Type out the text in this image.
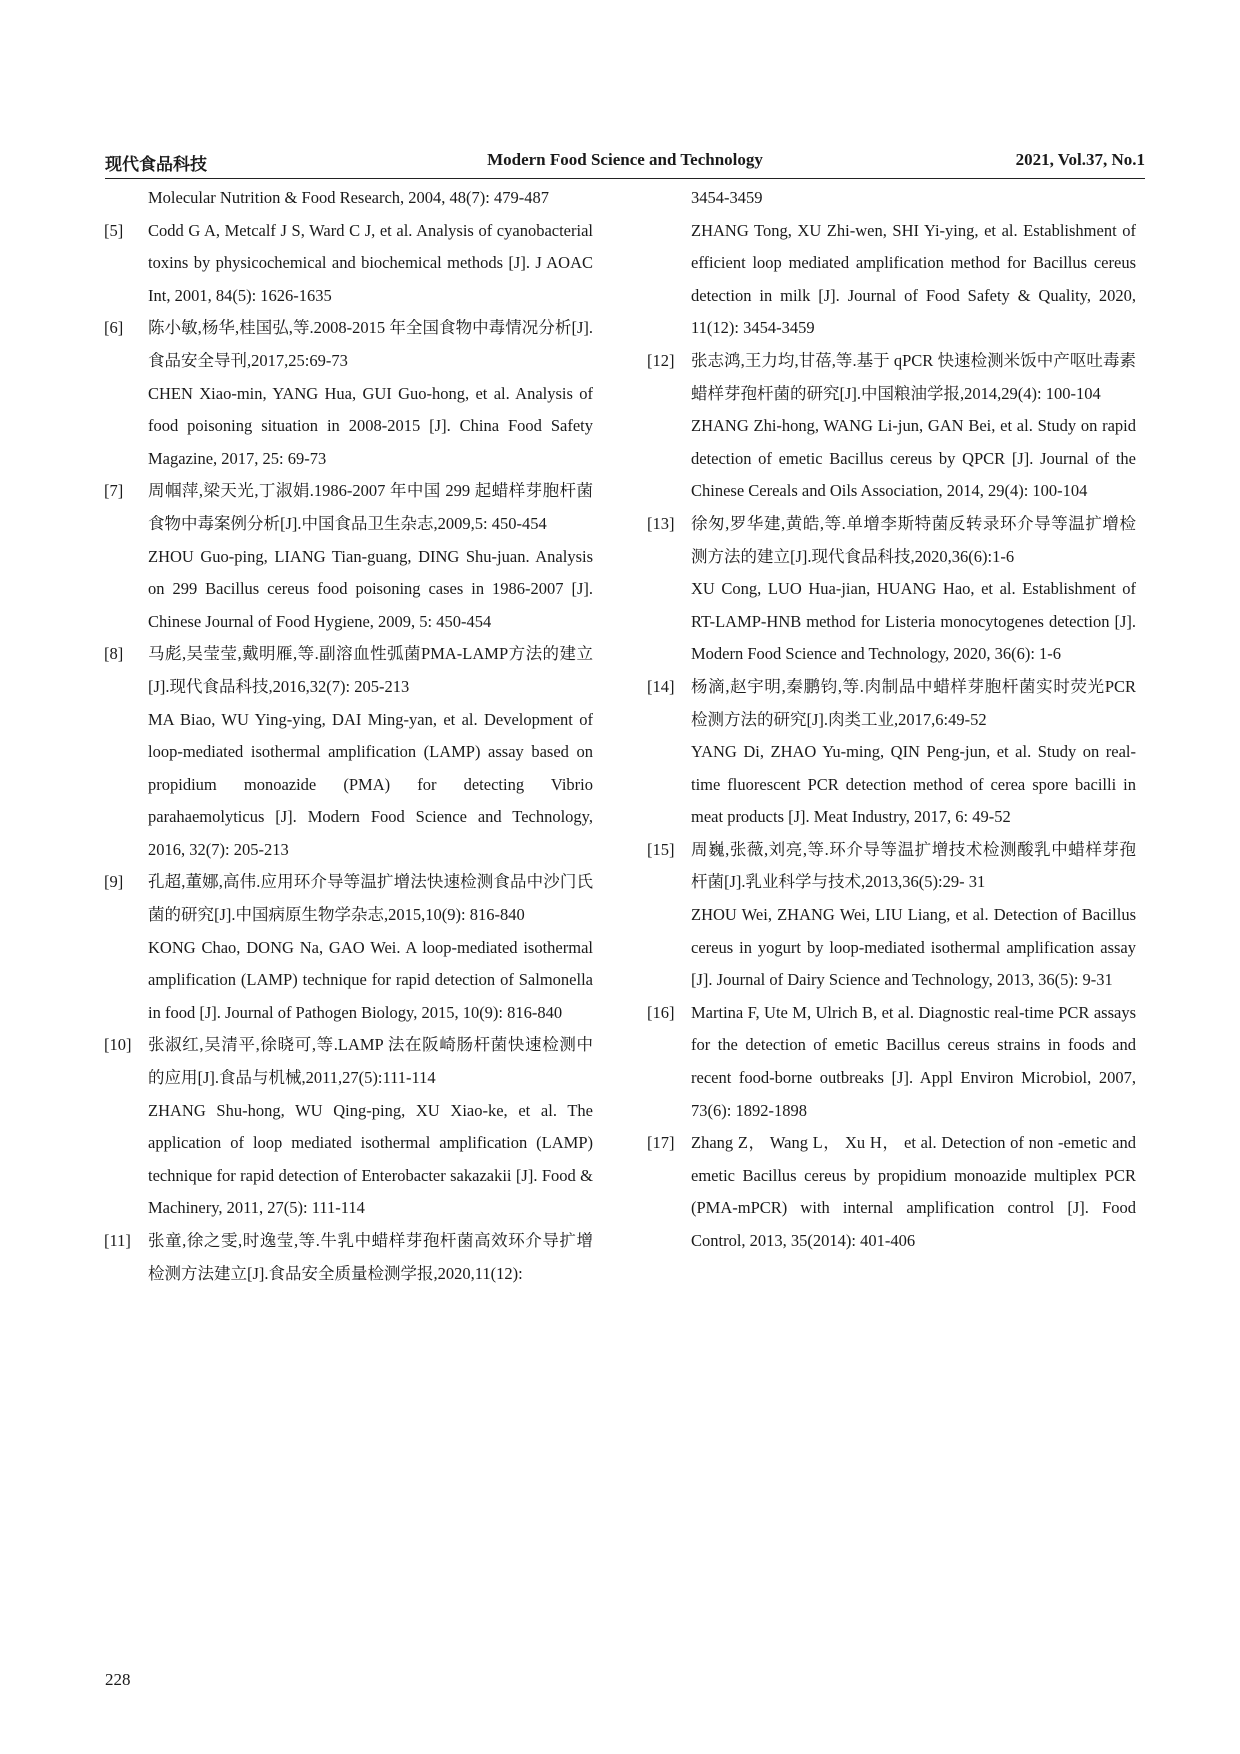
现代食品科技	Modern Food Science and Technology	2021, Vol.37, No.1

Molecular Nutrition & Food Research, 2004, 48(7): 479-487

[5] Codd G A, Metcalf J S, Ward C J, et al. Analysis of cyanobacterial toxins by physicochemical and biochemical methods [J]. J AOAC Int, 2001, 84(5): 1626-1635

[6] 陈小敏,杨华,桂国弘,等.2008-2015 年全国食物中毒情况分析[J].食品安全导刊,2017,25:69-73

CHEN Xiao-min, YANG Hua, GUI Guo-hong, et al. Analysis of food poisoning situation in 2008-2015 [J]. China Food Safety Magazine, 2017, 25: 69-73

[7] 周帼萍,梁天光,丁淑娟.1986-2007 年中国 299 起蜡样芽胞杆菌食物中毒案例分析[J].中国食品卫生杂志,2009,5: 450-454

ZHOU Guo-ping, LIANG Tian-guang, DING Shu-juan. Analysis on 299 Bacillus cereus food poisoning cases in 1986-2007 [J]. Chinese Journal of Food Hygiene, 2009, 5: 450-454

[8] 马彪,吴莹莹,戴明雁,等.副溶血性弧菌PMA-LAMP方法的建立[J].现代食品科技,2016,32(7): 205-213

MA Biao, WU Ying-ying, DAI Ming-yan, et al. Development of loop-mediated isothermal amplification (LAMP) assay based on propidium monoazide (PMA) for detecting Vibrio parahaemolyticus [J]. Modern Food Science and Technology, 2016, 32(7): 205-213

[9] 孔超,董娜,高伟.应用环介导等温扩增法快速检测食品中沙门氏菌的研究[J].中国病原生物学杂志,2015,10(9): 816-840

KONG Chao, DONG Na, GAO Wei. A loop-mediated isothermal amplification (LAMP) technique for rapid detection of Salmonella in food [J]. Journal of Pathogen Biology, 2015, 10(9): 816-840

[10] 张淑红,吴清平,徐晓可,等.LAMP 法在阪崎肠杆菌快速检测中的应用[J].食品与机械,2011,27(5):111-114

ZHANG Shu-hong, WU Qing-ping, XU Xiao-ke, et al. The application of loop mediated isothermal amplification (LAMP) technique for rapid detection of Enterobacter sakazakii [J]. Food & Machinery, 2011, 27(5): 111-114

[11] 张童,徐之雯,时逸莹,等.牛乳中蜡样芽孢杆菌高效环介导扩增检测方法建立[J].食品安全质量检测学报,2020,11(12):

3454-3459

ZHANG Tong, XU Zhi-wen, SHI Yi-ying, et al. Establishment of efficient loop mediated amplification method for Bacillus cereus detection in milk [J]. Journal of Food Safety & Quality, 2020, 11(12): 3454-3459

[12] 张志鸿,王力均,甘蓓,等.基于 qPCR 快速检测米饭中产呕吐毒素蜡样芽孢杆菌的研究[J].中国粮油学报,2014,29(4): 100-104

ZHANG Zhi-hong, WANG Li-jun, GAN Bei, et al. Study on rapid detection of emetic Bacillus cereus by QPCR [J]. Journal of the Chinese Cereals and Oils Association, 2014, 29(4): 100-104

[13] 徐匆,罗华建,黄皓,等.单增李斯特菌反转录环介导等温扩增检测方法的建立[J].现代食品科技,2020,36(6):1-6

XU Cong, LUO Hua-jian, HUANG Hao, et al. Establishment of RT-LAMP-HNB method for Listeria monocytogenes detection [J]. Modern Food Science and Technology, 2020, 36(6): 1-6

[14] 杨滴,赵宇明,秦鹏钧,等.肉制品中蜡样芽胞杆菌实时荧光PCR 检测方法的研究[J].肉类工业,2017,6:49-52

YANG Di, ZHAO Yu-ming, QIN Peng-jun, et al. Study on real-time fluorescent PCR detection method of cerea spore bacilli in meat products [J]. Meat Industry, 2017, 6: 49-52

[15] 周巍,张薇,刘亮,等.环介导等温扩增技术检测酸乳中蜡样芽孢杆菌[J].乳业科学与技术,2013,36(5):29- 31

ZHOU Wei, ZHANG Wei, LIU Liang, et al. Detection of Bacillus cereus in yogurt by loop-mediated isothermal amplification assay [J]. Journal of Dairy Science and Technology, 2013, 36(5): 9-31

[16] Martina F, Ute M, Ulrich B, et al. Diagnostic real-time PCR assays for the detection of emetic Bacillus cereus strains in foods and recent food-borne outbreaks [J]. Appl Environ Microbiol, 2007, 73(6): 1892-1898

[17] Zhang Z， Wang L， Xu H， et al. Detection of non -emetic and emetic Bacillus cereus by propidium monoazide multiplex PCR (PMA-mPCR) with internal amplification control [J]. Food Control, 2013, 35(2014): 401-406

228
